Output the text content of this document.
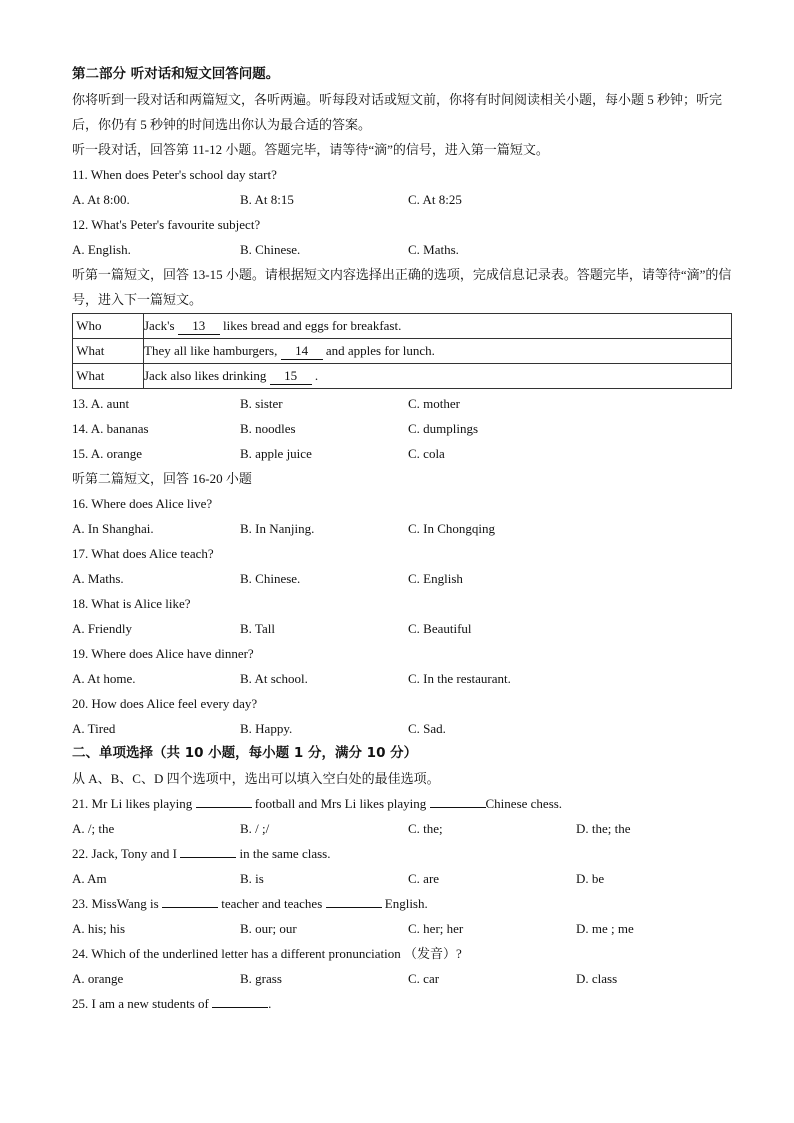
第二部分 听对话和短文回答问题。
你将听到一段对话和两篇短文，各听两遍。听每段对话或短文前，你将有时间阅读相关小题，每小题 5 秒钟；听完后，你仍有 5 秒钟的时间选出你认为最合适的答案。
听一段对话，回答第 11-12 小题。答题完毕，请等待“滴”的信号，进入第一篇短文。
11. When does Peter's school day start?
A. At 8:00.	B. At 8:15	C. At 8:25
12. What's Peter's favourite subject?
A. English.	B. Chinese.	C. Maths.
听第一篇短文，回答 13-15 小题。请根据短文内容选择出正确的选项，完成信息记录表。答题完毕，请等待“滴”的信号，进入下一篇短文。
Who	Jack's 13 likes bread and eggs for breakfast.
What	They all like hamburgers, 14 and apples for lunch.
What	Jack also likes drinking 15 .
13. A. aunt	B. sister	C. mother
14. A. bananas	B. noodles	C. dumplings
15. A. orange	B. apple juice	C. cola
听第二篇短文，回答 16-20 小题
16. Where does Alice live?
A. In Shanghai.	B. In Nanjing.	C. In Chongqing
17. What does Alice teach?
A. Maths.	B. Chinese.	C. English
18. What is Alice like?
A. Friendly	B. Tall	C. Beautiful
19. Where does Alice have dinner?
A. At home.	B. At school.	C. In the restaurant.
20. How does Alice feel every day?
A. Tired	B. Happy.	C. Sad.
二、单项选择（共 10 小题，每小题 1 分，满分 10 分）
从 A、B、C、D 四个选项中，选出可以填入空白处的最佳选项。
21. Mr Li likes playing	football and Mrs Li likes playing	Chinese chess.
A. /; the	B. / ;/	C. the;	D. the; the
22. Jack, Tony and I	in the same class.
A. Am	B. is	C. are	D. be
23. MissWang is	teacher and teaches	English.
A. his; his	B. our; our	C. her; her	D. me ; me
24. Which of the underlined letter has a different pronunciation （发音）?
A. orange	B. grass	C. car	D. class
25. I am a new students of	.
